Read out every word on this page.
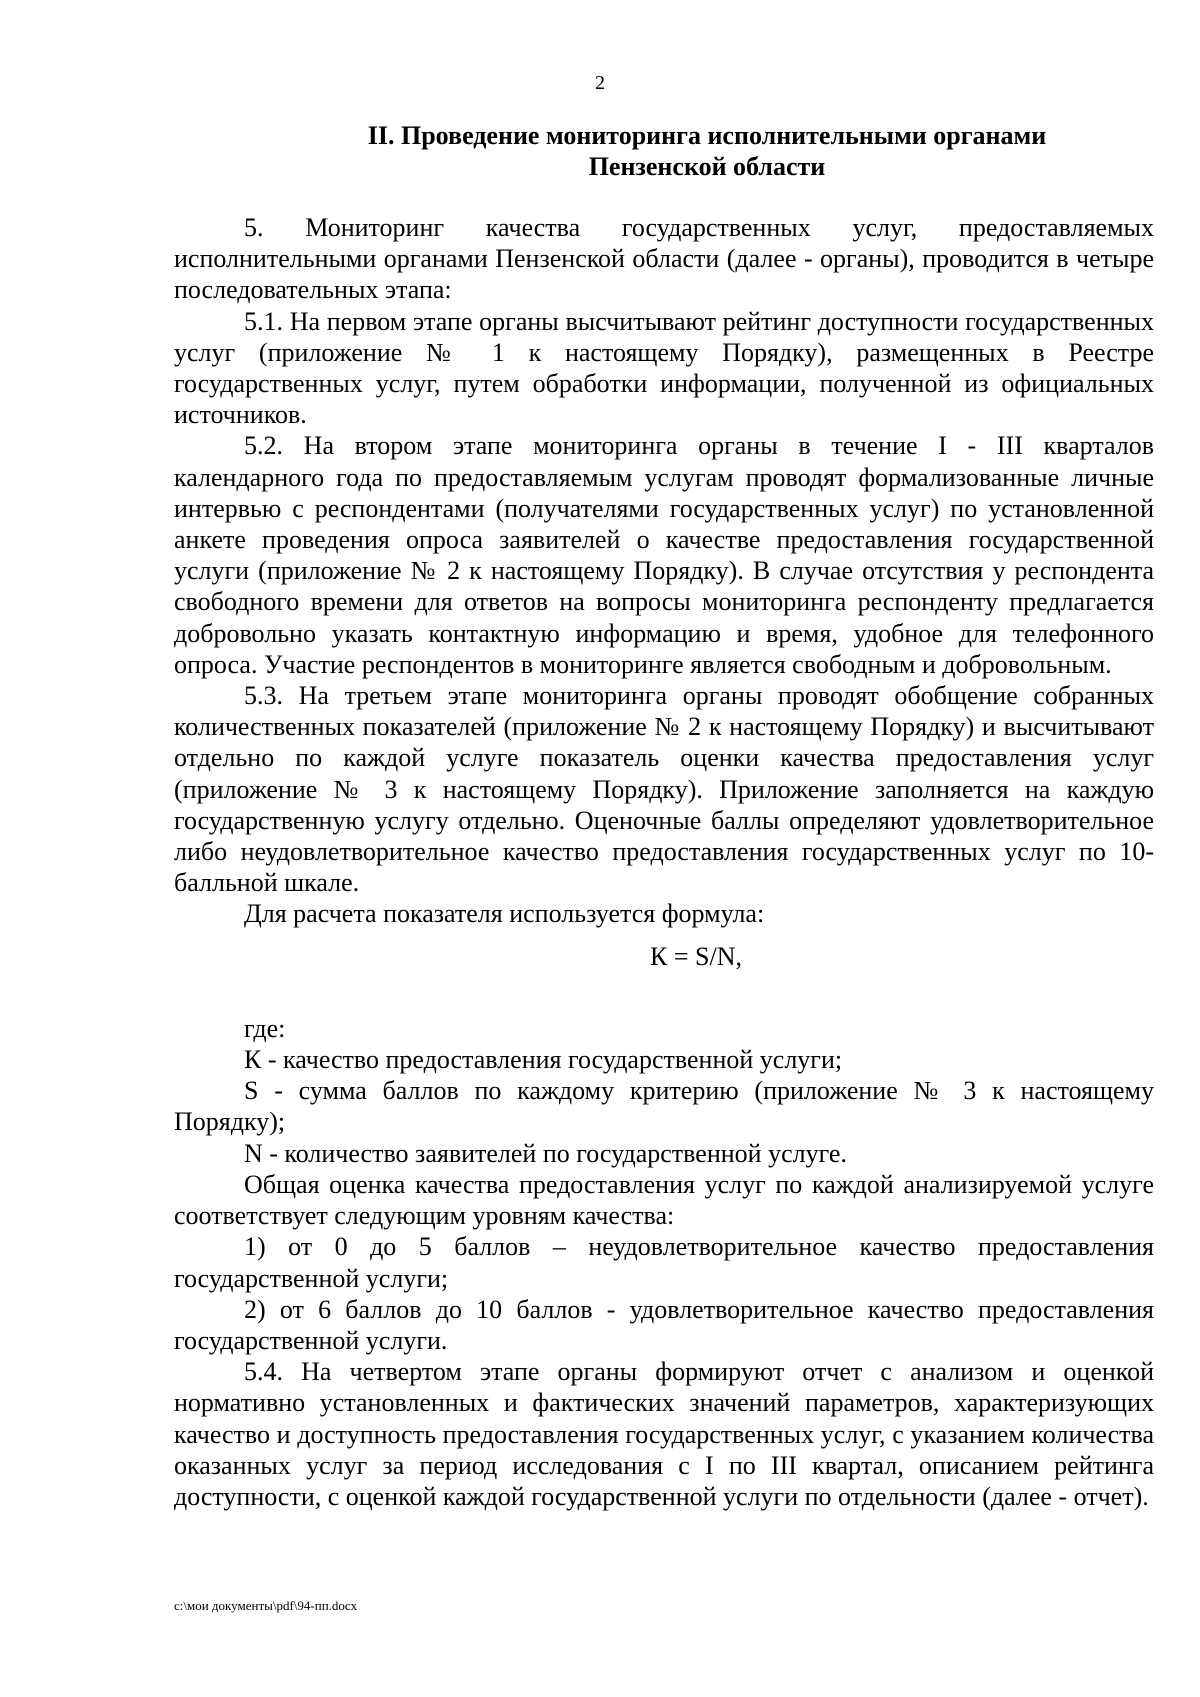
2
II. Проведение мониторинга исполнительными органами
Пензенской области

5. Мониторинг качества государственных услуг, предоставляемых исполнительными органами Пензенской области (далее - органы), проводится в четыре последовательных этапа:

5.1. На первом этапе органы высчитывают рейтинг доступности государственных услуг (приложение № 1 к настоящему Порядку), размещенных в Реестре государственных услуг, путем обработки информации, полученной из официальных источников.

5.2. На втором этапе мониторинга органы в течение I - III кварталов календарного года по предоставляемым услугам проводят формализованные личные интервью с респондентами (получателями государственных услуг) по установленной анкете проведения опроса заявителей о качестве предоставления государственной услуги (приложение № 2 к настоящему Порядку). В случае отсутствия у респондента свободного времени для ответов на вопросы мониторинга респонденту предлагается добровольно указать контактную информацию и время, удобное для телефонного опроса. Участие респондентов в мониторинге является свободным и добровольным.

5.3. На третьем этапе мониторинга органы проводят обобщение собранных количественных показателей (приложение № 2 к настоящему Порядку) и высчитывают отдельно по каждой услуге показатель оценки качества предоставления услуг (приложение № 3 к настоящему Порядку). Приложение заполняется на каждую государственную услугу отдельно. Оценочные баллы определяют удовлетворительное либо неудовлетворительное качество предоставления государственных услуг по 10-балльной шкале.

Для расчета показателя используется формула:

К = S/N,

где:

К - качество предоставления государственной услуги;

S - сумма баллов по каждому критерию (приложение № 3 к настоящему Порядку);

N - количество заявителей по государственной услуге.

Общая оценка качества предоставления услуг по каждой анализируемой услуге соответствует следующим уровням качества:

1) от 0 до 5 баллов – неудовлетворительное качество предоставления государственной услуги;

2) от 6 баллов до 10 баллов - удовлетворительное качество предоставления государственной услуги.

5.4. На четвертом этапе органы формируют отчет с анализом и оценкой нормативно установленных и фактических значений параметров, характеризующих качество и доступность предоставления государственных услуг, с указанием количества оказанных услуг за период исследования с I по III квартал, описанием рейтинга доступности, с оценкой каждой государственной услуги по отдельности (далее - отчет).

c:\мои документы\pdf\94-пп.docx
